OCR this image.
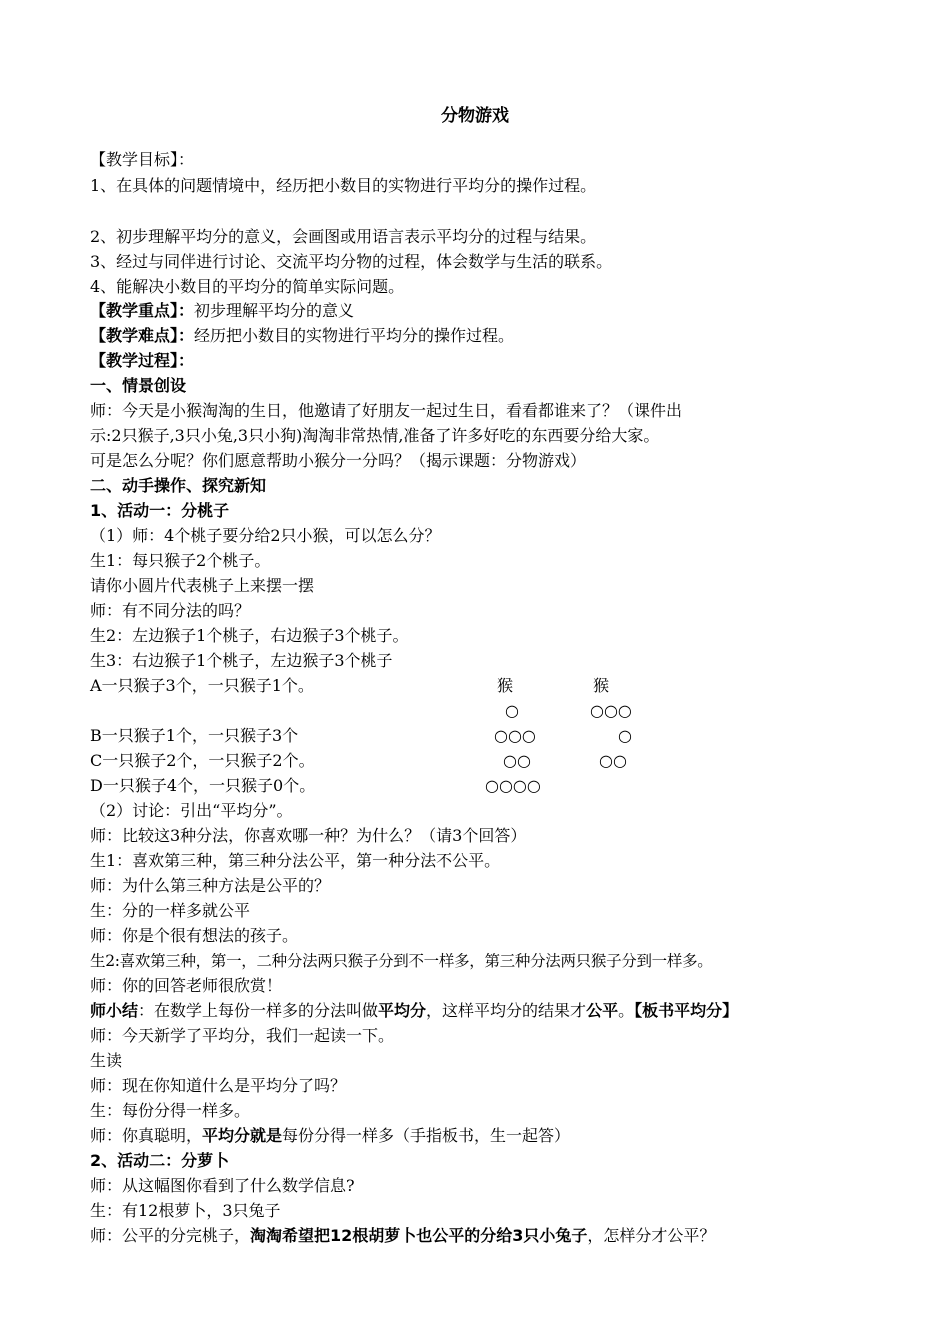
分物游戏
【教学目标】：
1、在具体的问题情境中，经历把小数目的实物进行平均分的操作过程。
2、初步理解平均分的意义，会画图或用语言表示平均分的过程与结果。
3、经过与同伴进行讨论、交流平均分物的过程，体会数学与生活的联系。
4、能解决小数目的平均分的简单实际问题。
【教学重点】：初步理解平均分的意义
【教学难点】：经历把小数目的实物进行平均分的操作过程。
【教学过程】：
一、情景创设
师：今天是小猴淘淘的生日，他邀请了好朋友一起过生日，看看都谁来了？（课件出
示:2只猴子,3只小兔,3只小狗)淘淘非常热情,准备了许多好吃的东西要分给大家。
可是怎么分呢？你们愿意帮助小猴分一分吗？（揭示课题：分物游戏）
二、动手操作、探究新知
1、活动一：分桃子
（1）师：4个桃子要分给2只小猴，可以怎么分？
生1：每只猴子2个桃子。
请你小圆片代表桃子上来摆一摆
师：有不同分法的吗？
生2：左边猴子1个桃子，右边猴子3个桃子。
生3：右边猴子1个桃子，左边猴子3个桃子
A一只猴子3个，一只猴子1个。
B一只猴子1个，一只猴子3个
C一只猴子2个，一只猴子2个。
D一只猴子4个，一只猴子0个。
猴	猴
○	○○○
○○○	○
○○	○○
○○○○
（2）讨论：引出“平均分”。
师：比较这3种分法，你喜欢哪一种？为什么？（请3个回答）
生1：喜欢第三种，第三种分法公平，第一种分法不公平。
师：为什么第三种方法是公平的？
生：分的一样多就公平
师：你是个很有想法的孩子。
生2:喜欢第三种，第一，二种分法两只猴子分到不一样多，第三种分法两只猴子分到一样多。
师：你的回答老师很欣赏！
师小结：在数学上每份一样多的分法叫做平均分，这样平均分的结果才公平。【板书平均分】
师：今天新学了平均分，我们一起读一下。
生读
师：现在你知道什么是平均分了吗？
生：每份分得一样多。
师：你真聪明，平均分就是每份分得一样多（手指板书，生一起答）
2、活动二：分萝卜
师：从这幅图你看到了什么数学信息?
生：有12根萝卜，3只兔子
师：公平的分完桃子，淘淘希望把12根胡萝卜也公平的分给3只小兔子，怎样分才公平？
